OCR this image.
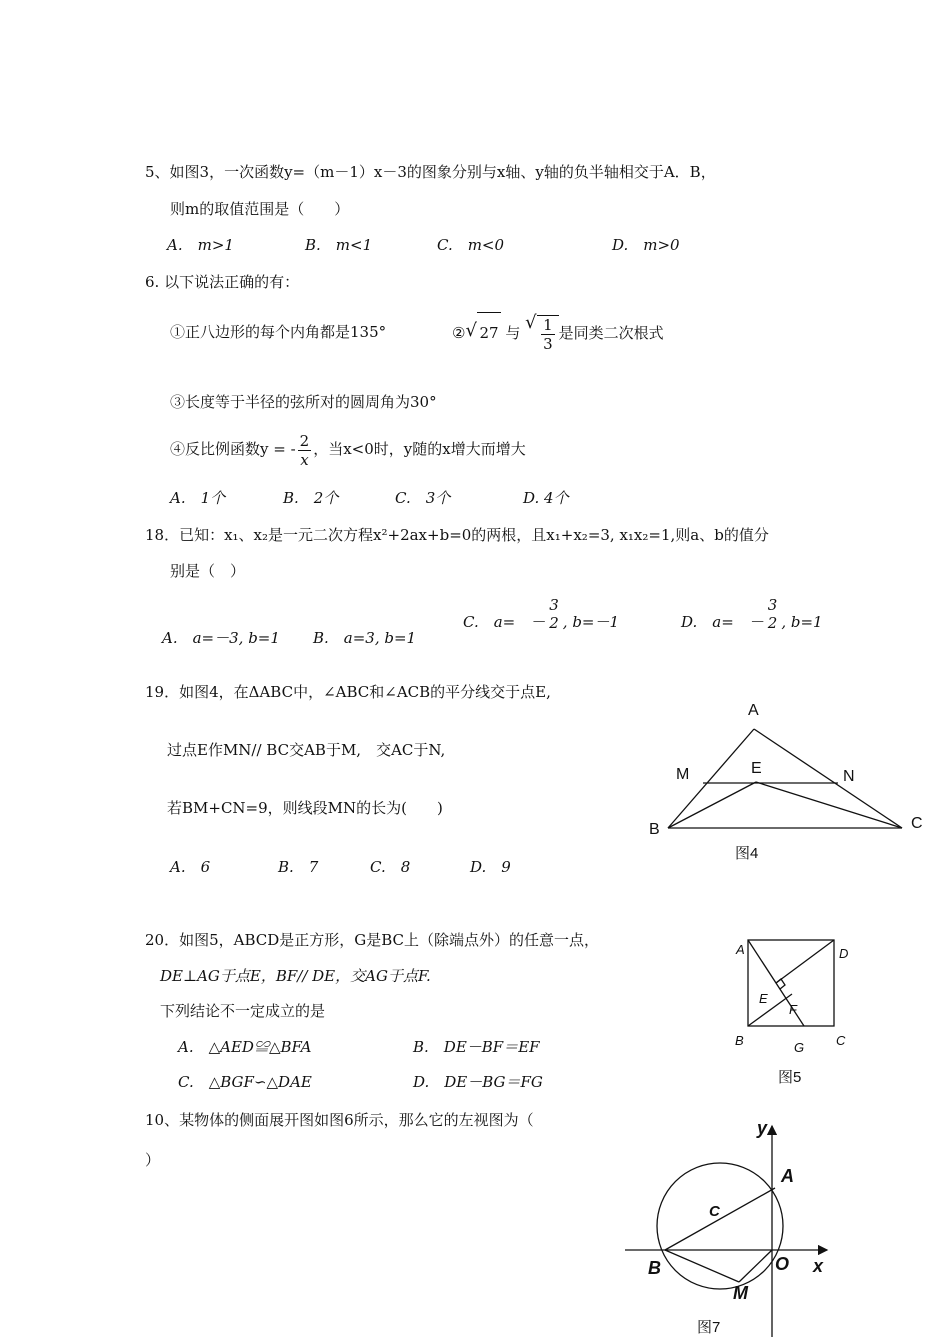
5、如图3，一次函数y=（m－1）x－3的图象分别与x轴、y轴的负半轴相交于A．B，
则m的取值范围是（　　）
A.　m>1	B.　m<1	C.　m<0	D.　m>0
6. 以下说法正确的有：
①正八边形的每个内角都是135°	② √ 27 与 √ $\frac{1}{3}$ 是同类二次根式
③长度等于半径的弦所对的圆周角为30°
④反比例函数y = - $\frac{2}{x}$ ，当x<0时，y随的x增大而增大
A.　1个	B.　2个	C.　3个	D. 4个
18．已知：x₁、x₂是一元二次方程x²+2ax+b=0的两根，且x₁+x₂=3, x₁x₂=1,则a、b的值分
别是（　）
A.　a=－3, b=1 B.　a=3, b=1
C.　a=　－
3
2 , b=－1	D.　a=　－
3
2 , b=1
19．如图4，在ΔABC中，∠ABC和∠ACB的平分线交于点E,
过点E作MN// BC交AB于M,　交AC于N,
若BM+CN=9，则线段MN的长为(　　)
A.　6	B.　7	C.　8	D.　9
A
M	E	N
B	C
图4
20．如图5，ABCD是正方形，G是BC上（除端点外）的任意一点，
DE⊥AG于点E，BF// DE，交AG于点F.
下列结论不一定成立的是
A.　△AED≌△BFA	B.　DE－BF＝EF
C.　△BGF∽△DAE	D.　DE－BG＝FG
A	D
E
F
B	G C
图5
10、某物体的侧面展开图如图6所示，那么它的左视图为（
）
y
A
C
B	O x
M
图7
